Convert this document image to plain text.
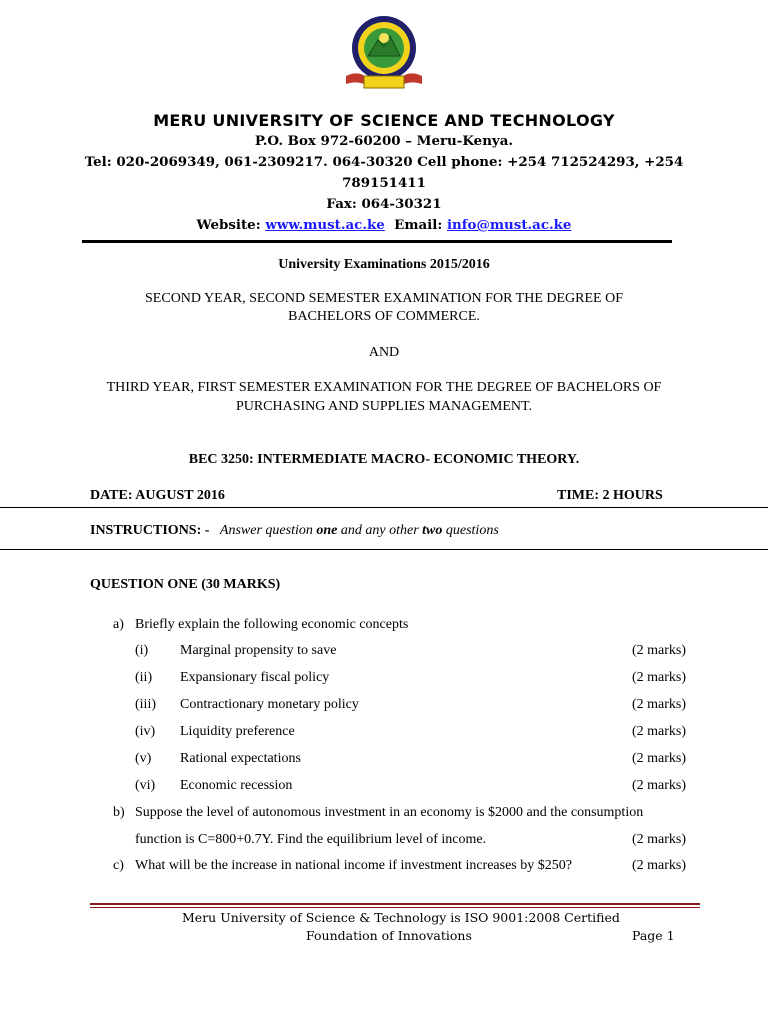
MERU UNIVERSITY OF SCIENCE AND TECHNOLOGY
P.O. Box 972-60200 – Meru-Kenya.
Tel: 020-2069349, 061-2309217. 064-30320 Cell phone: +254 712524293, +254
789151411
Fax: 064-30321
Website: www.must.ac.ke Email: info@must.ac.ke
University Examinations 2015/2016
SECOND YEAR, SECOND SEMESTER EXAMINATION FOR THE DEGREE OF
BACHELORS OF COMMERCE.
AND
THIRD YEAR, FIRST SEMESTER EXAMINATION FOR THE DEGREE OF BACHELORS OF
PURCHASING AND SUPPLIES MANAGEMENT.
BEC 3250: INTERMEDIATE MACRO- ECONOMIC THEORY.
DATE: AUGUST 2016	TIME: 2 HOURS
INSTRUCTIONS: - Answer question one and any other two questions
QUESTION ONE (30 MARKS)
a) Briefly explain the following economic concepts
(i) Marginal propensity to save	(2 marks)
(ii) Expansionary fiscal policy	(2 marks)
(iii) Contractionary monetary policy	(2 marks)
(iv) Liquidity preference	(2 marks)
(v) Rational expectations	(2 marks)
(vi) Economic recession	(2 marks)
b) Suppose the level of autonomous investment in an economy is $2000 and the consumption
function is C=800+0.7Y. Find the equilibrium level of income.	(2 marks)
c) What will be the increase in national income if investment increases by $250?	(2 marks)
Meru University of Science & Technology is ISO 9001:2008 Certified
Foundation of Innovations	Page 1
